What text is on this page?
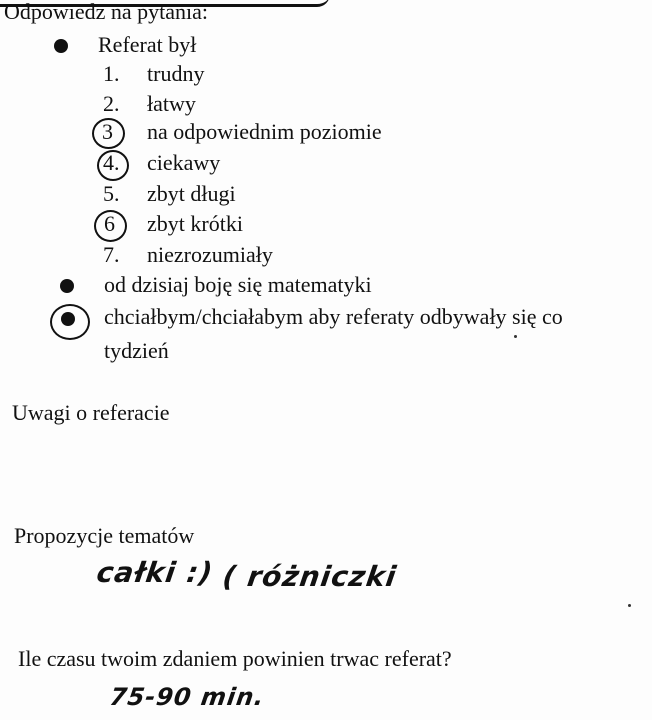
Odpowiedz na pytania:
Referat był
1. trudny
2. łatwy
3 na odpowiednim poziomie
4. ciekawy
5. zbyt długi
6 zbyt krótki
7. niezrozumiały
od dzisiaj boję się matematyki
chciałbym/chciałabym aby referaty odbywały się co
tydzień
Uwagi o referacie
Propozycje tematów
całki :) ( różniczki
Ile czasu twoim zdaniem powinien trwac referat?
75-90 min.
